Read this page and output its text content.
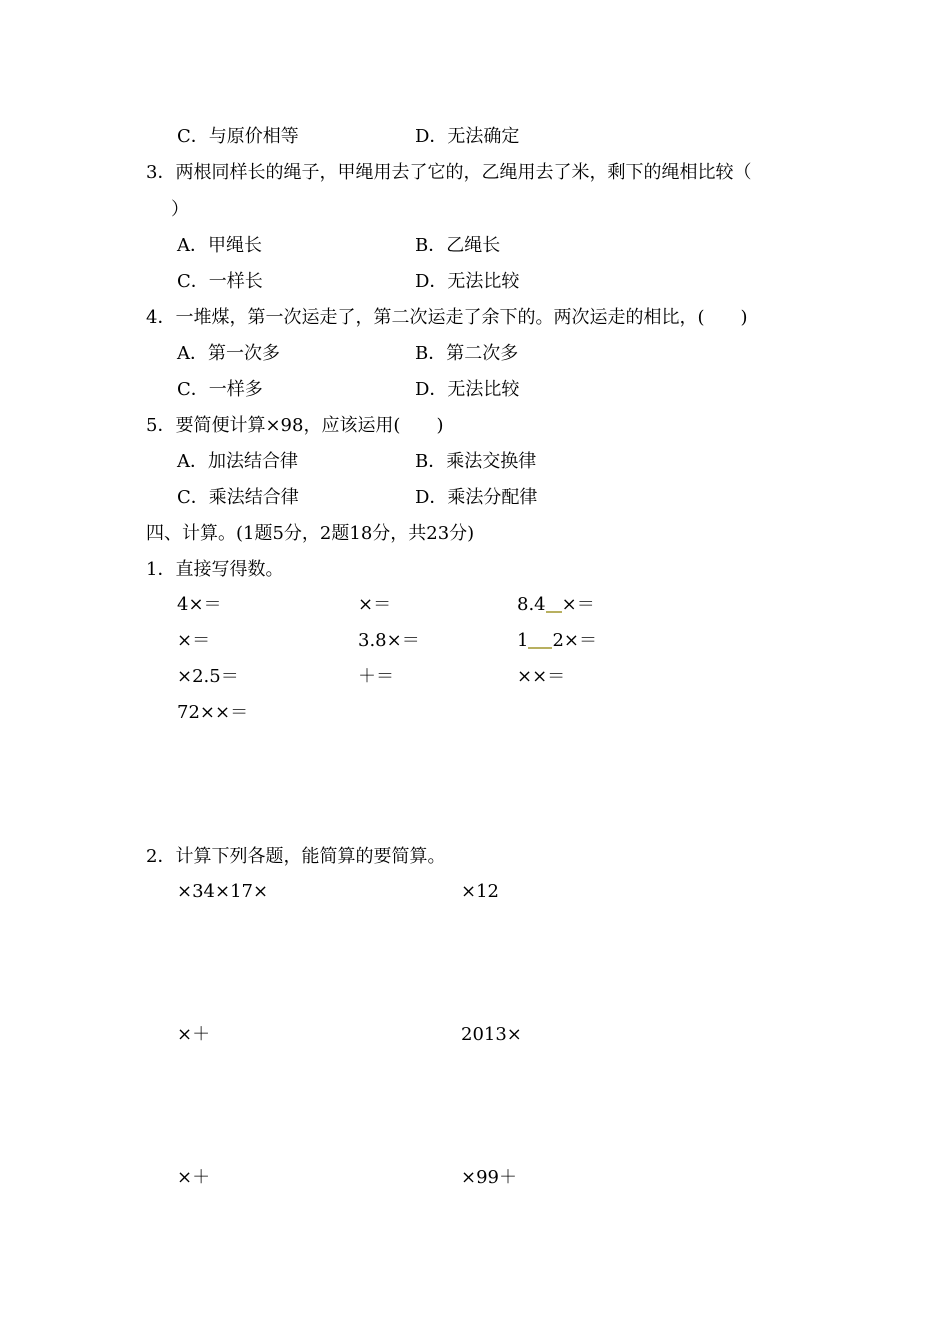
C．与原价相等	D．无法确定
3．两根同样长的绳子，甲绳用去了它的，乙绳用去了米，剩下的绳相比较（
）
A．甲绳长	B．乙绳长
C．一样长	D．无法比较
4．一堆煤，第一次运走了，第二次运走了余下的。两次运走的相比，(　　)
A．第一次多	B．第二次多
C．一样多	D．无法比较
5．要简便计算×98，应该运用(　　)
A．加法结合律	B．乘法交换律
C．乘法结合律	D．乘法分配律
四、计算。(1题5分，2题18分，共23分)
1．直接写得数。
4×＝	×＝	8.4 ×＝
×＝	3.8×＝	1 2×＝
×2.5＝	＋＝	××＝
72××＝
2．计算下列各题，能简算的要简算。
×34×17×	×12
×＋	2013×
×＋	×99＋
